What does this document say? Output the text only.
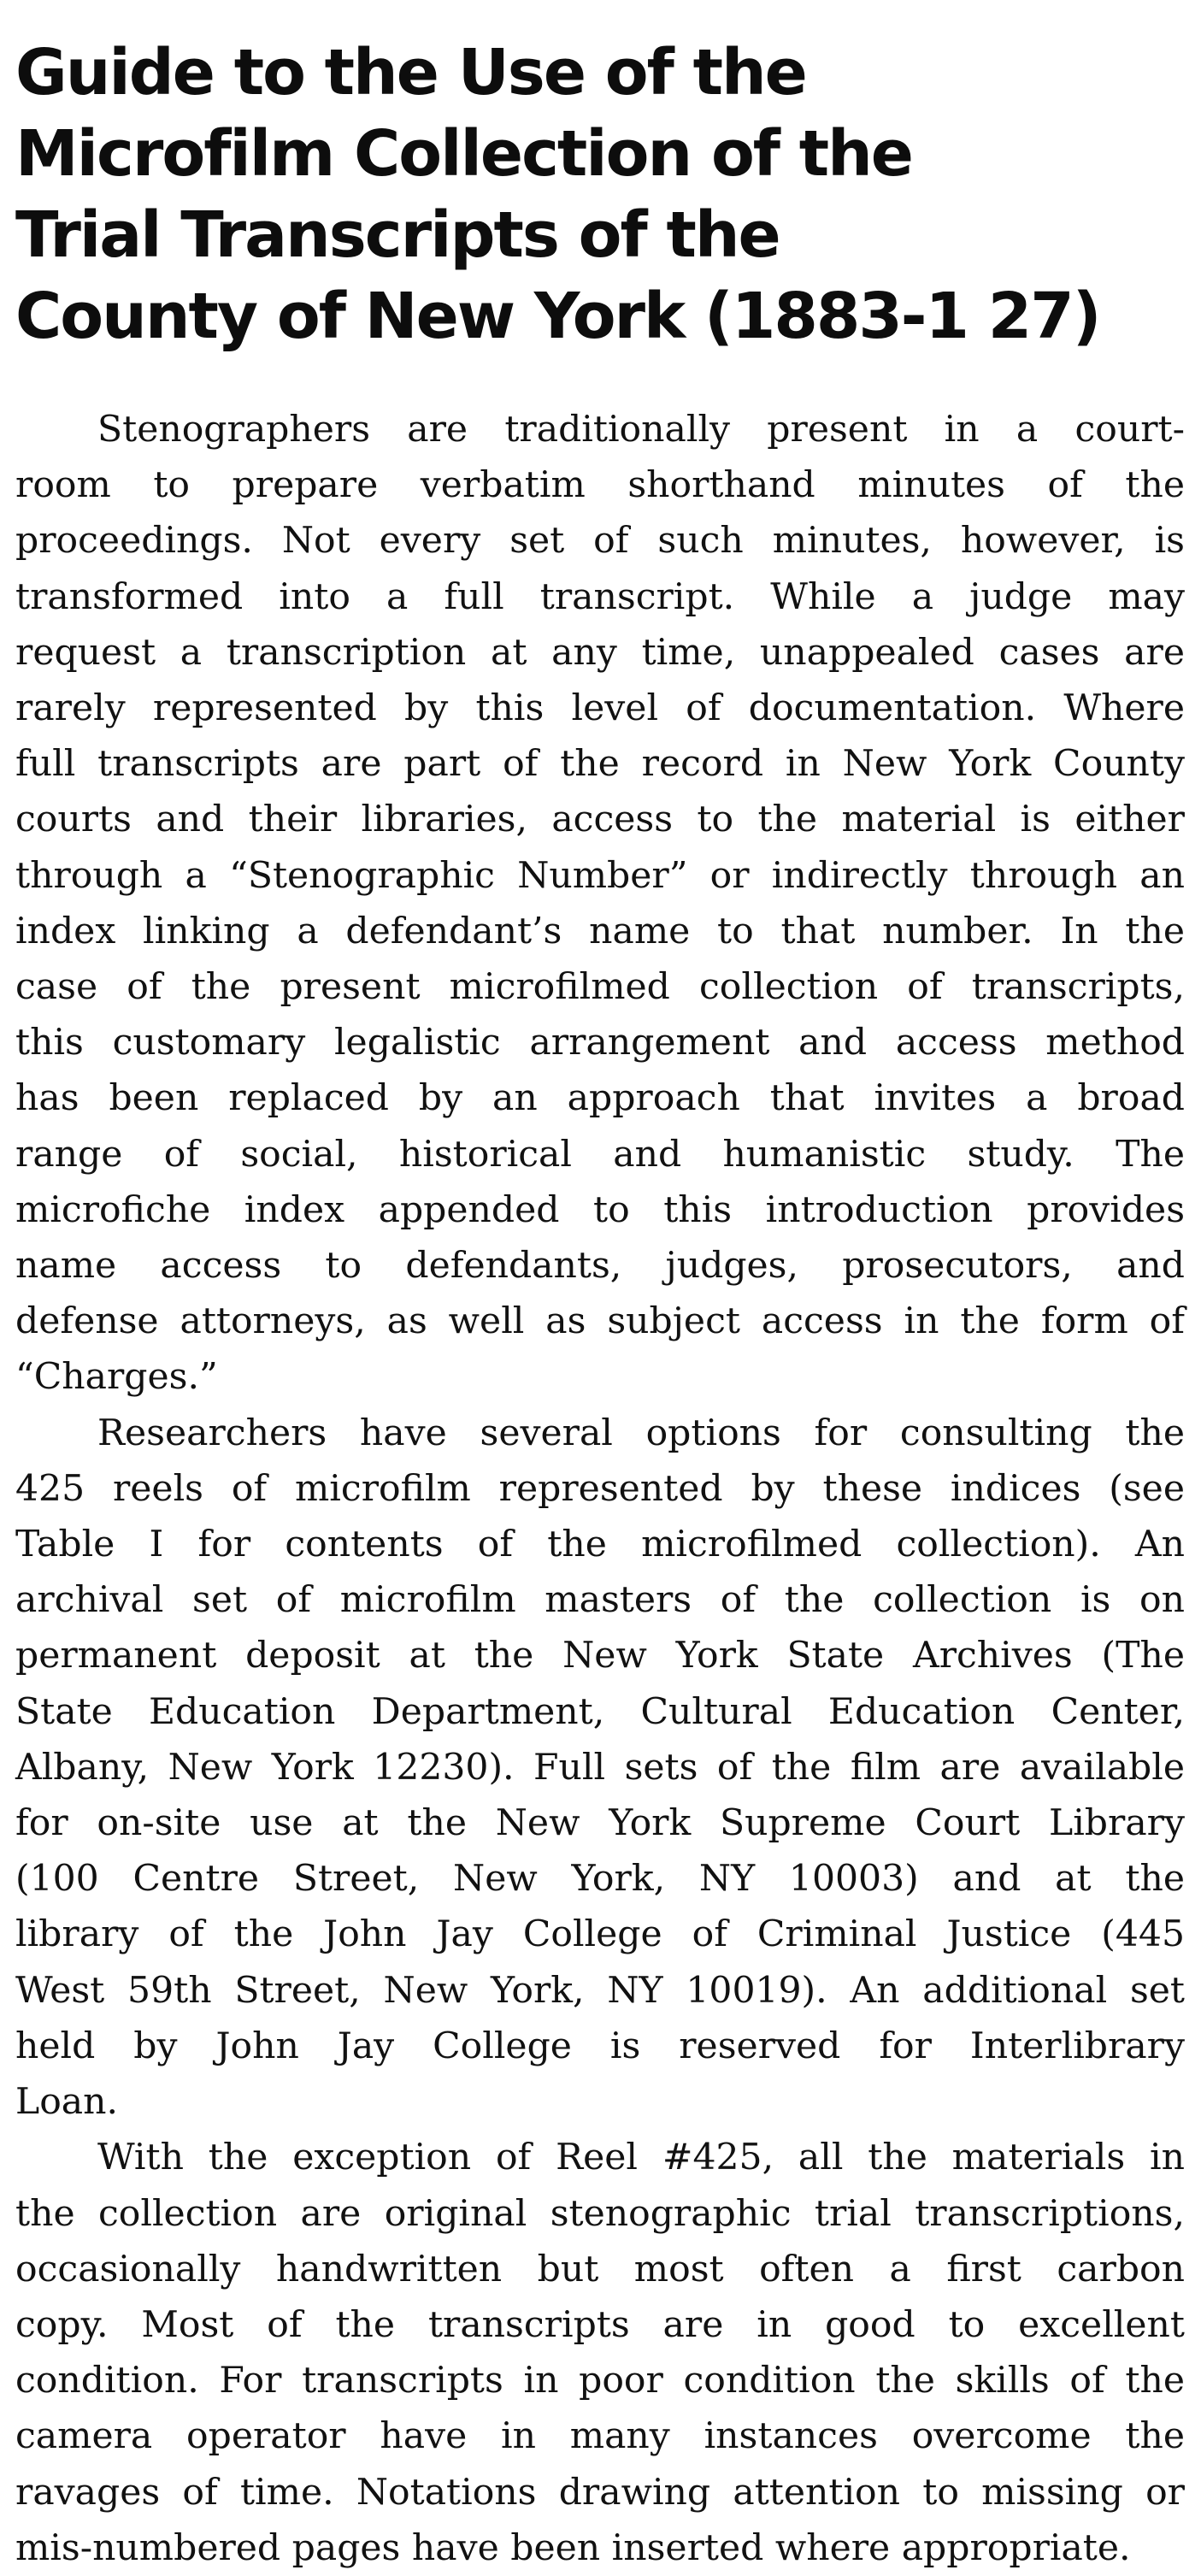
Guide to the Use of the
Microfilm Collection of the
Trial Transcripts of the
County of New York (1883-1 27)
Stenographers are traditionally present in a court-
room to prepare verbatim shorthand minutes of the
proceedings. Not every set of such minutes, however, is
transformed into a full transcript. While a judge may
request a transcription at any time, unappealed cases are
rarely represented by this level of documentation. Where
full transcripts are part of the record in New York County
courts and their libraries, access to the material is either
through a “Stenographic Number” or indirectly through an
index linking a defendant’s name to that number. In the
case of the present microfilmed collection of transcripts,
this customary legalistic arrangement and access method
has been replaced by an approach that invites a broad
range of social, historical and humanistic study. The
microfiche index appended to this introduction provides
name access to defendants, judges, prosecutors, and
defense attorneys, as well as subject access in the form of
“Charges.”
Researchers have several options for consulting the
425 reels of microfilm represented by these indices (see
Table I for contents of the microfilmed collection). An
archival set of microfilm masters of the collection is on
permanent deposit at the New York State Archives (The
State Education Department, Cultural Education Center,
Albany, New York 12230). Full sets of the film are available
for on-site use at the New York Supreme Court Library
(100 Centre Street, New York, NY 10003) and at the
library of the John Jay College of Criminal Justice (445
West 59th Street, New York, NY 10019). An additional set
held by John Jay College is reserved for Interlibrary
Loan.
With the exception of Reel #425, all the materials in
the collection are original stenographic trial transcriptions,
occasionally handwritten but most often a first carbon
copy. Most of the transcripts are in good to excellent
condition. For transcripts in poor condition the skills of the
camera operator have in many instances overcome the
ravages of time. Notations drawing attention to missing or
mis-numbered pages have been inserted where appropriate.
